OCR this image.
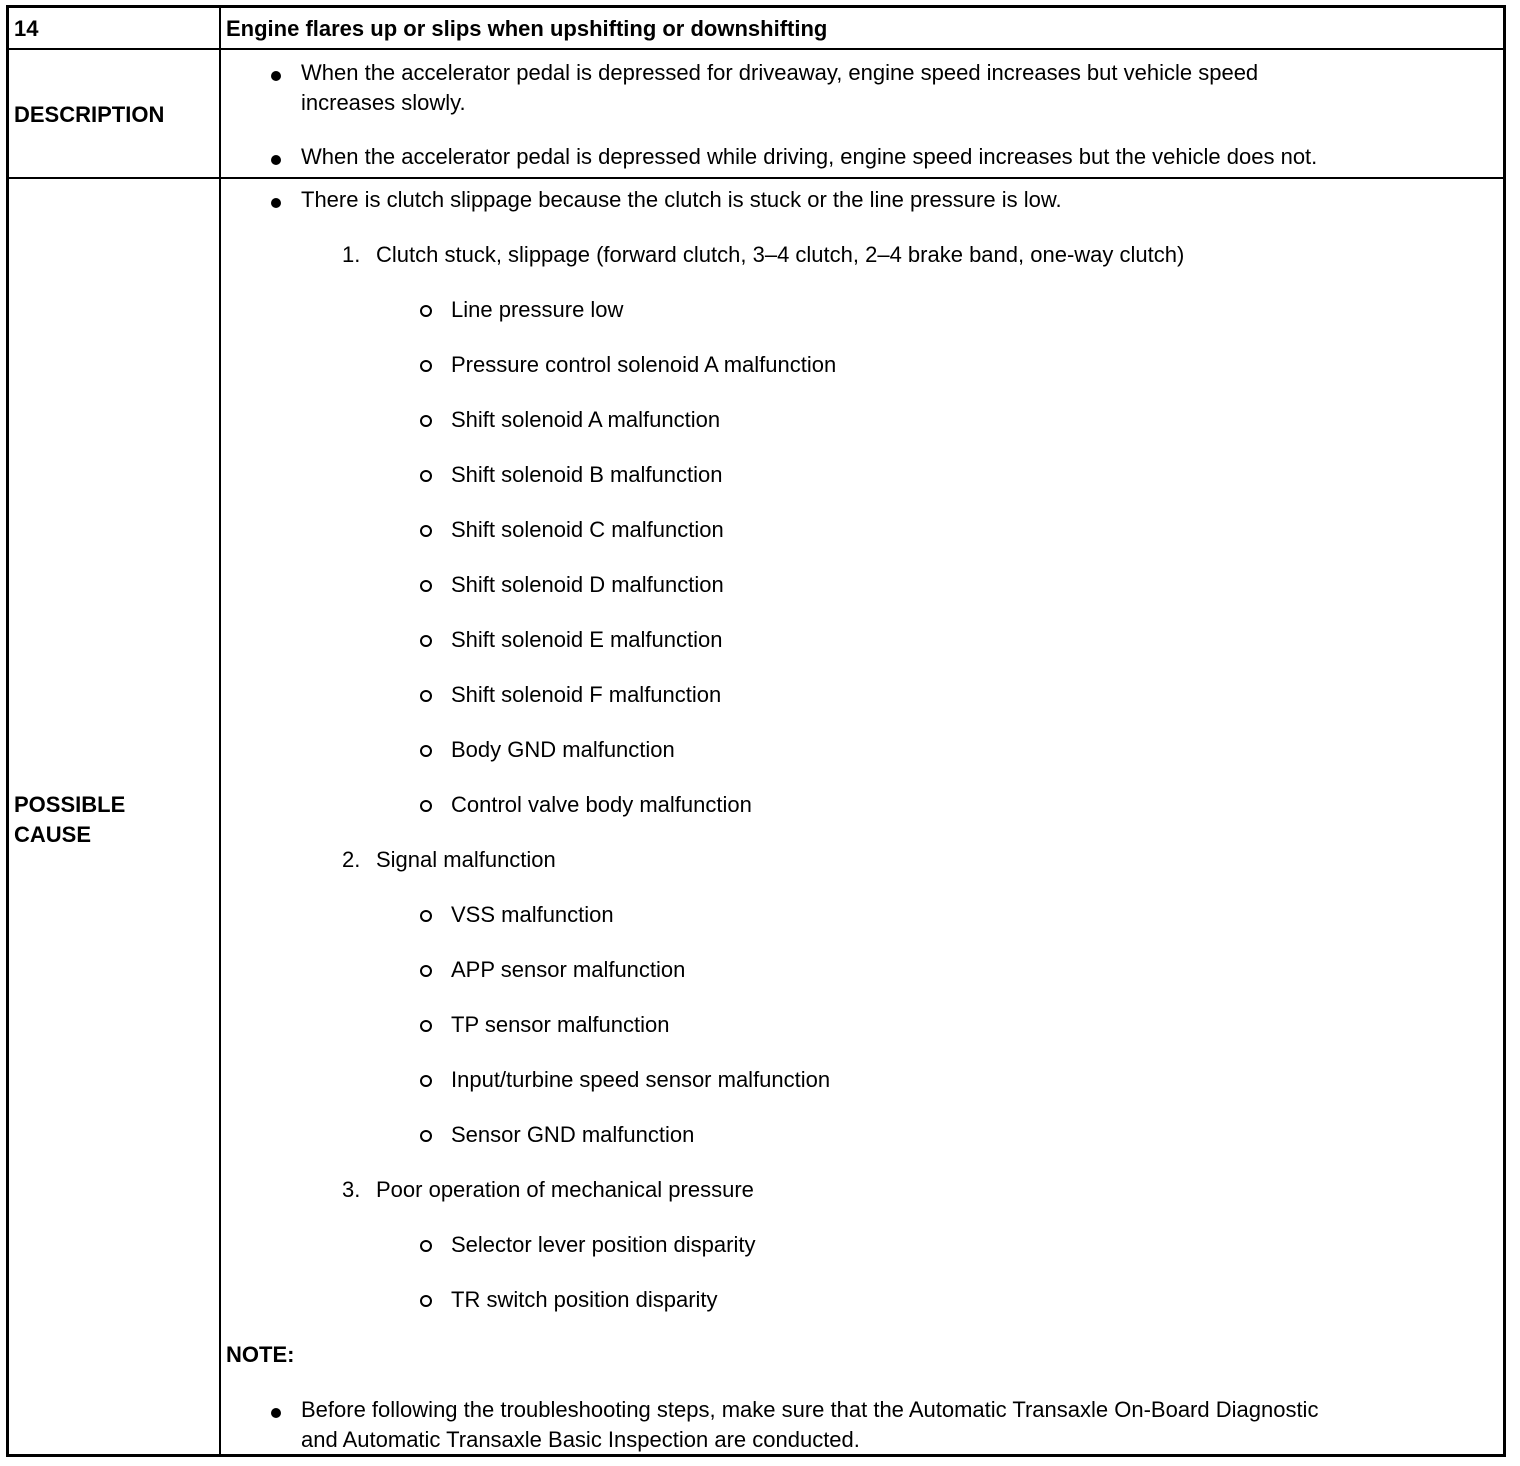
14	Engine flares up or slips when upshifting or downshifting
DESCRIPTION
When the accelerator pedal is depressed for driveaway, engine speed increases but vehicle speed
increases slowly.
When the accelerator pedal is depressed while driving, engine speed increases but the vehicle does not.
POSSIBLE
CAUSE
There is clutch slippage because the clutch is stuck or the line pressure is low.
1. Clutch stuck, slippage (forward clutch, 3–4 clutch, 2–4 brake band, one-way clutch)
Line pressure low
Pressure control solenoid A malfunction
Shift solenoid A malfunction
Shift solenoid B malfunction
Shift solenoid C malfunction
Shift solenoid D malfunction
Shift solenoid E malfunction
Shift solenoid F malfunction
Body GND malfunction
Control valve body malfunction
2. Signal malfunction
VSS malfunction
APP sensor malfunction
TP sensor malfunction
Input/turbine speed sensor malfunction
Sensor GND malfunction
3. Poor operation of mechanical pressure
Selector lever position disparity
TR switch position disparity
NOTE:
Before following the troubleshooting steps, make sure that the Automatic Transaxle On-Board Diagnostic
and Automatic Transaxle Basic Inspection are conducted.
